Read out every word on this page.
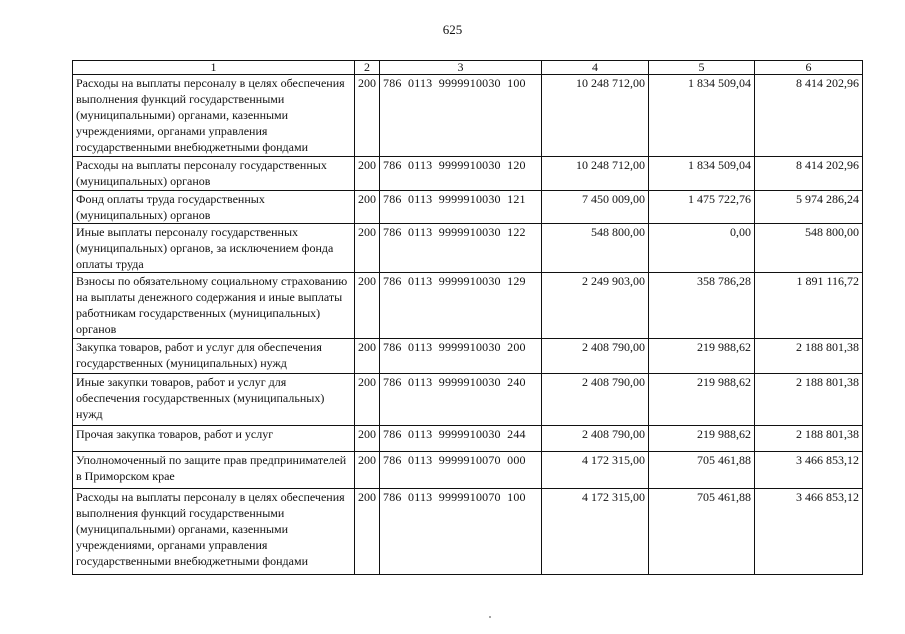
625
1	2	3	4	5	6
Расходы на выплаты персоналу в целях обеспечения выполнения функций государственными (муниципальными) органами, казенными учреждениями, органами управления государственными внебюджетными фондами	200	786  0113  9999910030  100	10 248 712,00	1 834 509,04	8 414 202,96
Расходы на выплаты персоналу государственных (муниципальных) органов	200	786  0113  9999910030  120	10 248 712,00	1 834 509,04	8 414 202,96
Фонд оплаты труда государственных (муниципальных) органов	200	786  0113  9999910030  121	7 450 009,00	1 475 722,76	5 974 286,24
Иные выплаты персоналу государственных (муниципальных) органов, за исключением фонда оплаты труда	200	786  0113  9999910030  122	548 800,00	0,00	548 800,00
Взносы по обязательному социальному страхованию на выплаты денежного содержания и иные выплаты работникам государственных (муниципальных) органов	200	786  0113  9999910030  129	2 249 903,00	358 786,28	1 891 116,72
Закупка товаров, работ и услуг для обеспечения государственных (муниципальных) нужд	200	786  0113  9999910030  200	2 408 790,00	219 988,62	2 188 801,38
Иные закупки товаров, работ и услуг для обеспечения государственных (муниципальных) нужд	200	786  0113  9999910030  240	2 408 790,00	219 988,62	2 188 801,38
Прочая закупка товаров, работ и услуг	200	786  0113  9999910030  244	2 408 790,00	219 988,62	2 188 801,38
Уполномоченный по защите прав предпринимателей в Приморском крае	200	786  0113  9999910070  000	4 172 315,00	705 461,88	3 466 853,12
Расходы на выплаты персоналу в целях обеспечения выполнения функций государственными (муниципальными) органами, казенными учреждениями, органами управления государственными внебюджетными фондами	200	786  0113  9999910070  100	4 172 315,00	705 461,88	3 466 853,12
